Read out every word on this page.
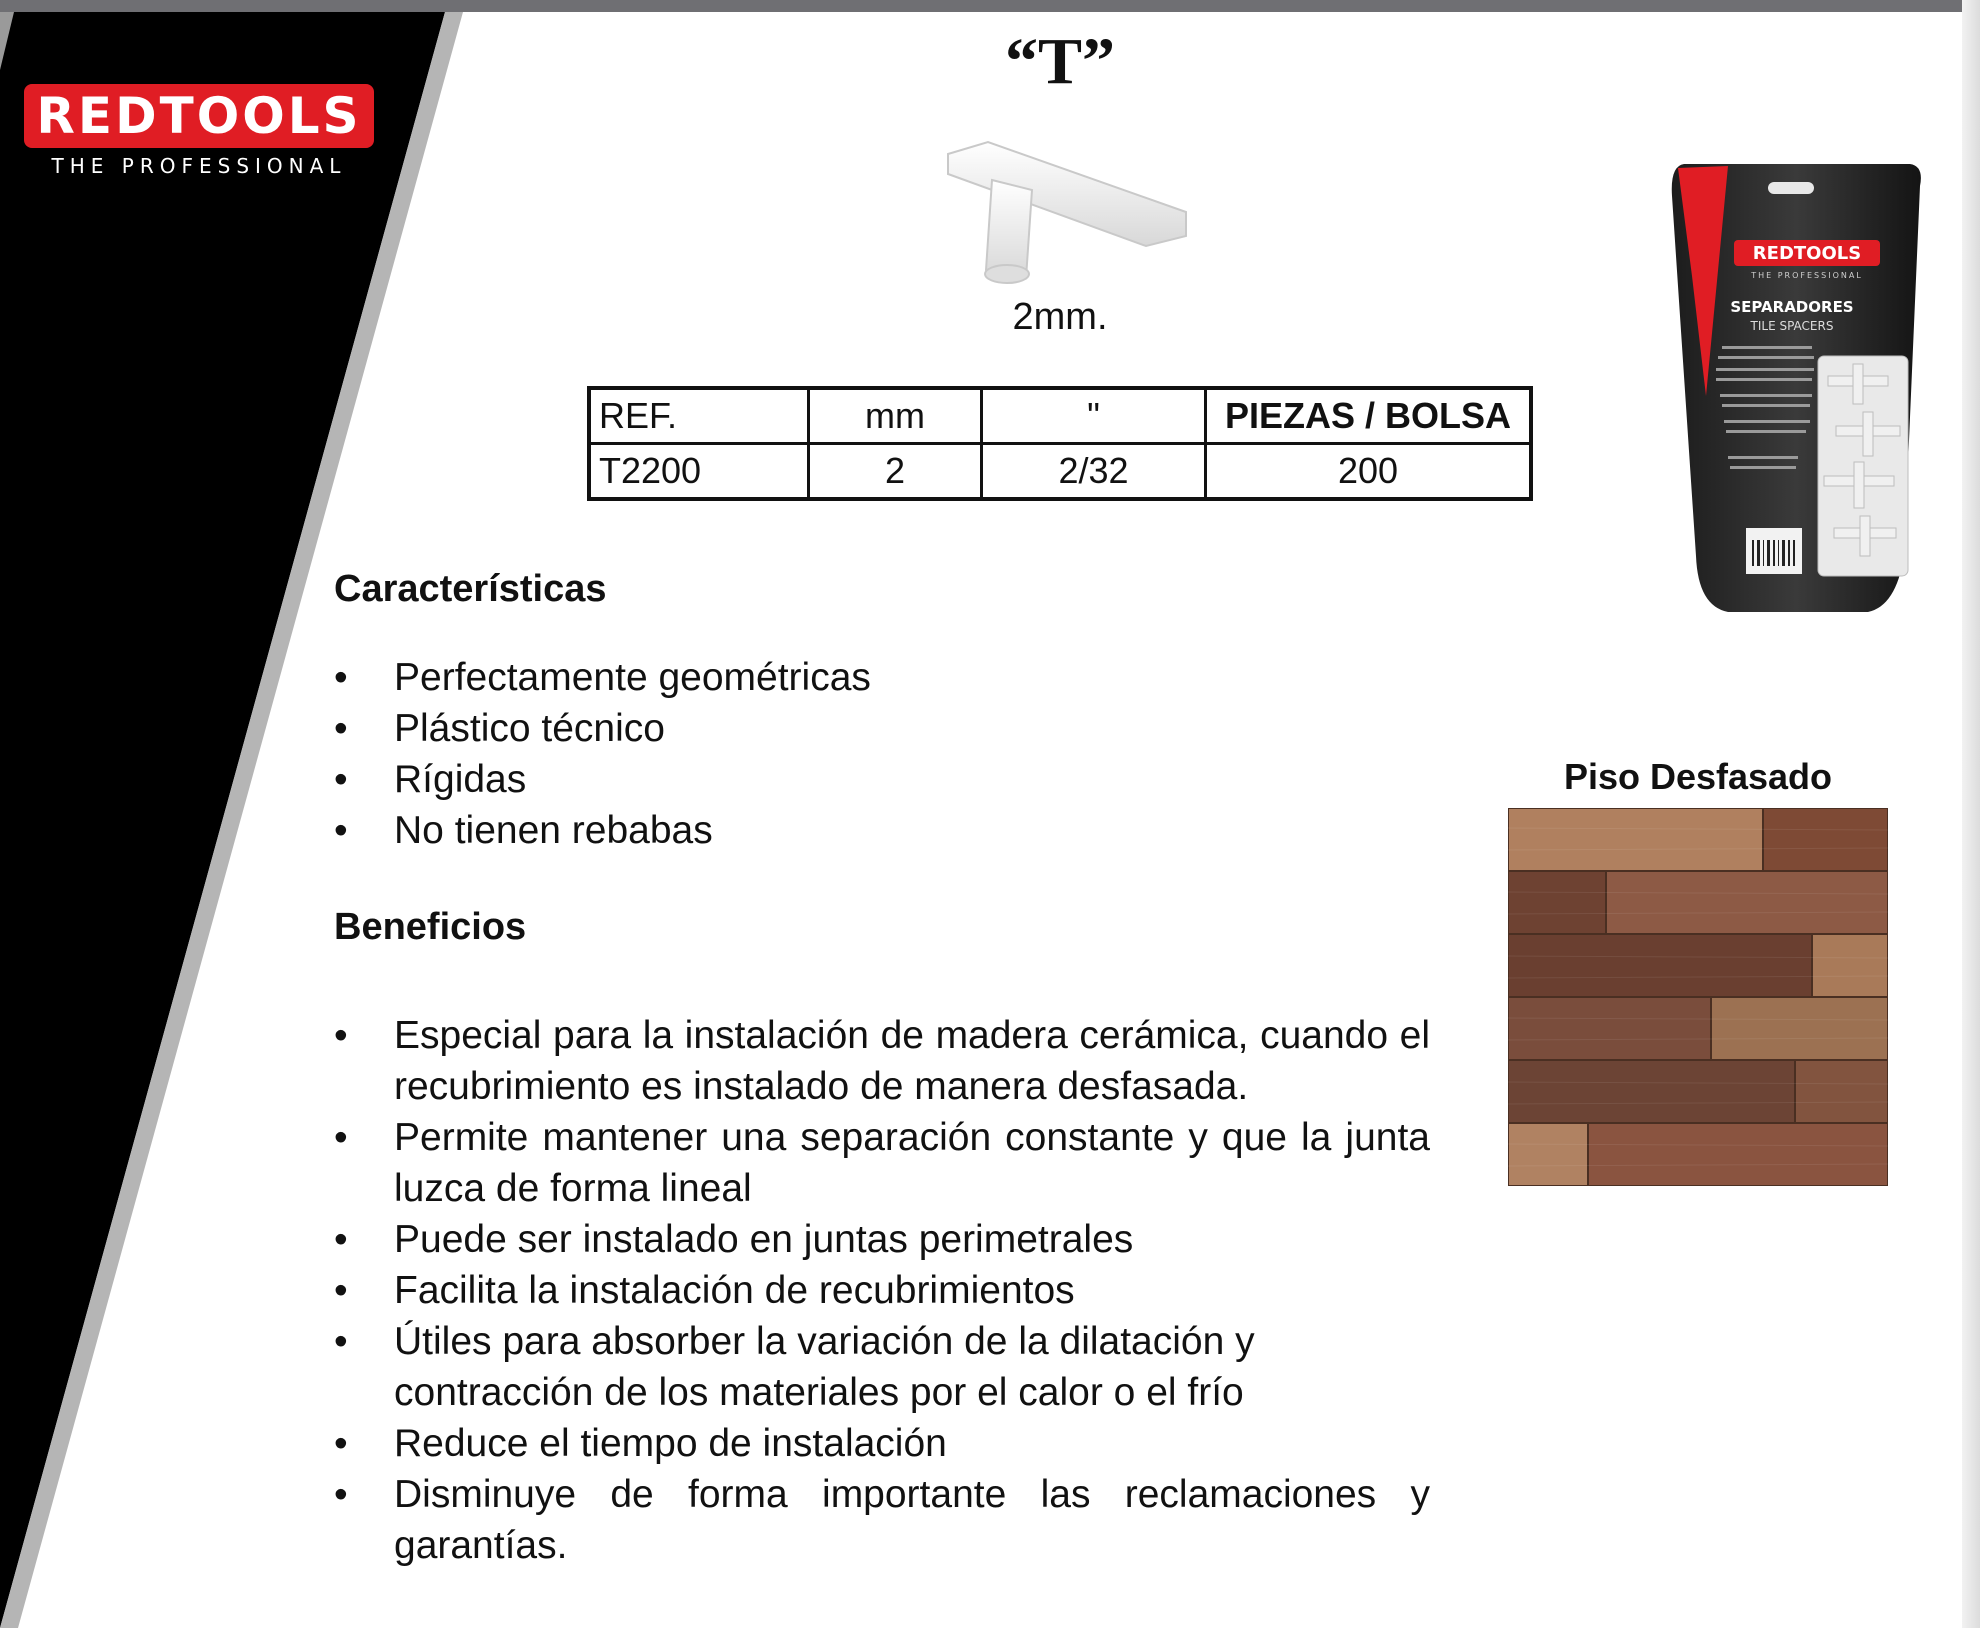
REDTOOLS
THE PROFESSIONAL
“T”
2mm.
REF.	mm	"	PIEZAS / BOLSA
T2200	2	2/32	200
Características
• Perfectamente geométricas
• Plástico técnico
• Rígidas
• No tienen rebabas
Beneficios
• Especial para la instalación de madera cerámica, cuando el recubrimiento es instalado de manera desfasada.
• Permite mantener una separación constante y que la junta luzca de forma lineal
• Puede ser instalado en juntas perimetrales
• Facilita la instalación de recubrimientos
• Útiles para absorber la variación de la dilatación y contracción de los materiales por el calor o el frío
• Reduce el tiempo de instalación
• Disminuye de forma importante las reclamaciones y garantías.
REDTOOLS
THE PROFESSIONAL
SEPARADORES
TILE SPACERS
Piso Desfasado
